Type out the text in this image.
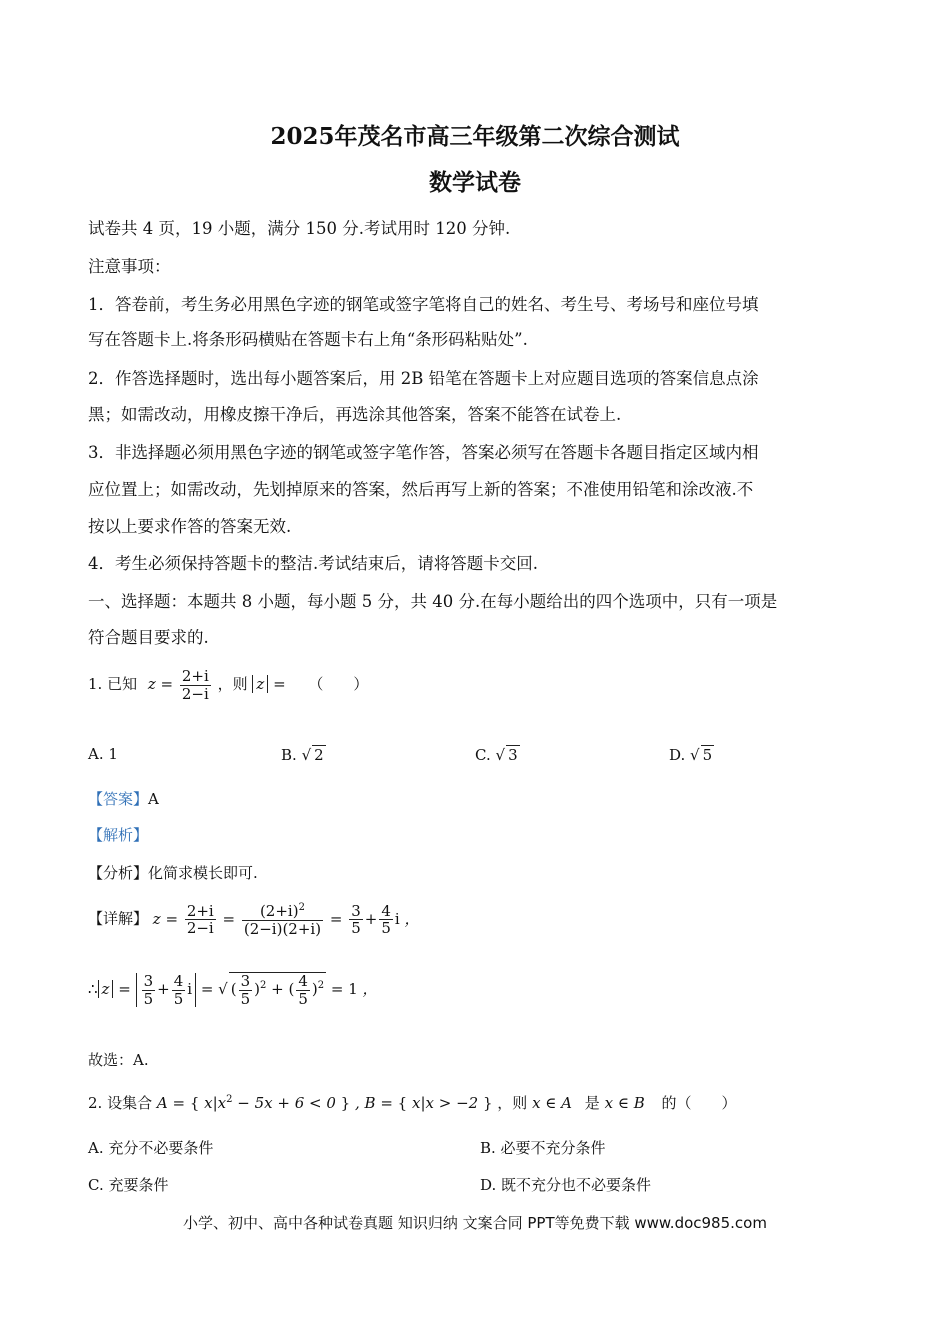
2025年茂名市高三年级第二次综合测试
数学试卷
试卷共 4 页，19 小题，满分 150 分.考试用时 120 分钟.
注意事项：
1．答卷前，考生务必用黑色字迹的钢笔或签字笔将自己的姓名、考生号、考场号和座位号填
写在答题卡上.将条形码横贴在答题卡右上角“条形码粘贴处”.
2．作答选择题时，选出每小题答案后，用 2B 铅笔在答题卡上对应题目选项的答案信息点涂
黑；如需改动，用橡皮擦干净后，再选涂其他答案，答案不能答在试卷上.
3．非选择题必须用黑色字迹的钢笔或签字笔作答，答案必须写在答题卡各题目指定区域内相
应位置上；如需改动，先划掉原来的答案，然后再写上新的答案；不准使用铅笔和涂改液.不
按以上要求作答的答案无效.
4．考生必须保持答题卡的整洁.考试结束后，请将答题卡交回.
一、选择题：本题共 8 小题，每小题 5 分，共 40 分.在每小题给出的四个选项中，只有一项是
符合题目要求的.
1. 已知 $z = \frac{2+i}{2-i}$ ，则 z = （　　）
A. 1	B. √ 2	C. √ 3	D. √ 5
【答案】A
【解析】
【分析】化简求模长即可.
【详解】 $z = \frac{2+i}{2-i} = \frac{(2+i)^2}{(2-i)(2+i)} = \frac{3}{5} + \frac{4}{5}$ i ，
∴ $z = \frac{3}{5} + \frac{4}{5}$ i = √ ( $\frac{3}{5} )^2$ + ( $\frac{4}{5} )^2 = 1$ ，
故选：A.
2. 设集合 A = { $x|x^2 - 5x + 6 < 0$ } , B = { x|x > −2 } ，则 x ∈ A 是 x ∈ B 的（　　）
A. 充分不必要条件	B. 必要不充分条件
C. 充要条件	D. 既不充分也不必要条件
小学、初中、高中各种试卷真题 知识归纳 文案合同 PPT等免费下载 www.doc985.com
